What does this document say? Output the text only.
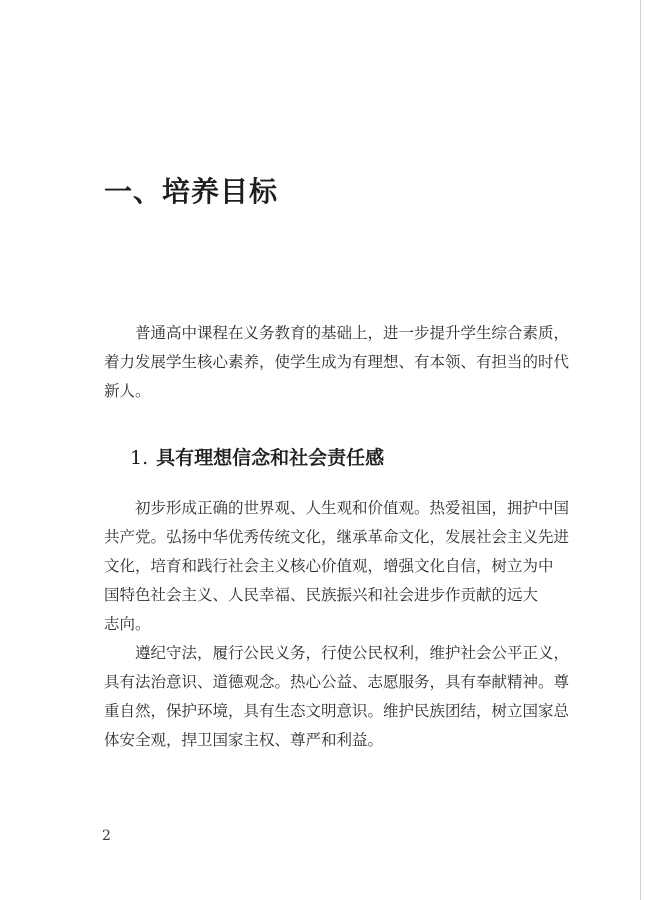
一、培养目标

普通高中课程在义务教育的基础上，进一步提升学生综合素质，
着力发展学生核心素养，使学生成为有理想、有本领、有担当的时代
新人。

1. 具有理想信念和社会责任感
初步形成正确的世界观、人生观和价值观。热爱祖国，拥护中国
共产党。弘扬中华优秀传统文化，继承革命文化，发展社会主义先进
文化，培育和践行社会主义核心价值观，增强文化自信，树立为中
国特色社会主义、人民幸福、民族振兴和社会进步作贡献的远大
志向。
遵纪守法，履行公民义务，行使公民权利，维护社会公平正义，
具有法治意识、道德观念。热心公益、志愿服务，具有奉献精神。尊
重自然，保护环境，具有生态文明意识。维护民族团结，树立国家总
体安全观，捍卫国家主权、尊严和利益。
2
